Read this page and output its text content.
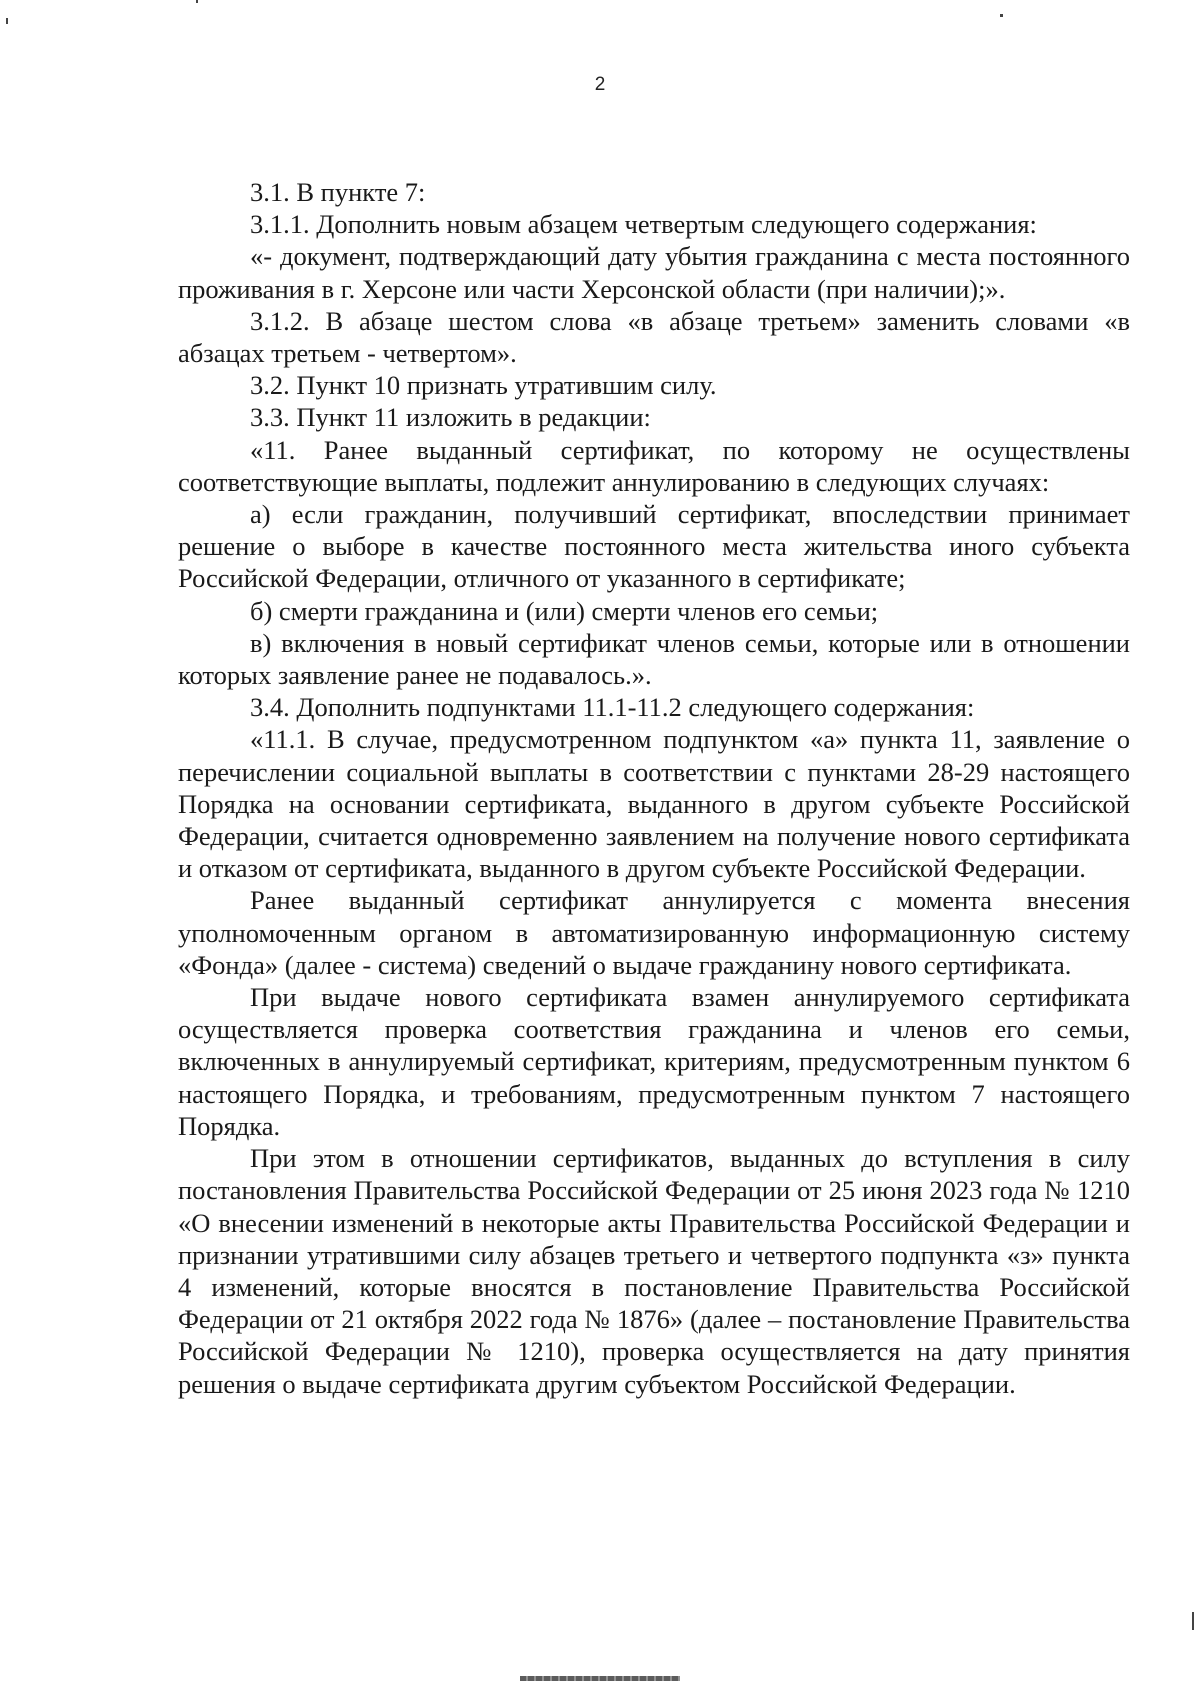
2

3.1. В пункте 7:

3.1.1. Дополнить новым абзацем четвертым следующего содержания:

«- документ, подтверждающий дату убытия гражданина с места постоянного проживания в г. Херсоне или части Херсонской области (при наличии);».

3.1.2. В абзаце шестом слова «в абзаце третьем» заменить словами «в абзацах третьем - четвертом».

3.2. Пункт 10 признать утратившим силу.

3.3. Пункт 11 изложить в редакции:

«11. Ранее выданный сертификат, по которому не осуществлены соответствующие выплаты, подлежит аннулированию в следующих случаях:

а) если гражданин, получивший сертификат, впоследствии принимает решение о выборе в качестве постоянного места жительства иного субъекта Российской Федерации, отличного от указанного в сертификате;

б) смерти гражданина и (или) смерти членов его семьи;

в) включения в новый сертификат членов семьи, которые или в отношении которых заявление ранее не подавалось.».

3.4. Дополнить подпунктами 11.1-11.2 следующего содержания:

«11.1. В случае, предусмотренном подпунктом «а» пункта 11, заявление о перечислении социальной выплаты в соответствии с пунктами 28-29 настоящего Порядка на основании сертификата, выданного в другом субъекте Российской Федерации, считается одновременно заявлением на получение нового сертификата и отказом от сертификата, выданного в другом субъекте Российской Федерации.

Ранее выданный сертификат аннулируется с момента внесения уполномоченным органом в автоматизированную информационную систему «Фонда» (далее - система) сведений о выдаче гражданину нового сертификата.

При выдаче нового сертификата взамен аннулируемого сертификата осуществляется проверка соответствия гражданина и членов его семьи, включенных в аннулируемый сертификат, критериям, предусмотренным пунктом 6 настоящего Порядка, и требованиям, предусмотренным пунктом 7 настоящего Порядка.

При этом в отношении сертификатов, выданных до вступления в силу постановления Правительства Российской Федерации от 25 июня 2023 года № 1210 «О внесении изменений в некоторые акты Правительства Российской Федерации и признании утратившими силу абзацев третьего и четвертого подпункта «з» пункта 4 изменений, которые вносятся в постановление Правительства Российской Федерации от 21 октября 2022 года № 1876» (далее – постановление Правительства Российской Федерации № 1210), проверка осуществляется на дату принятия решения о выдаче сертификата другим субъектом Российской Федерации.
